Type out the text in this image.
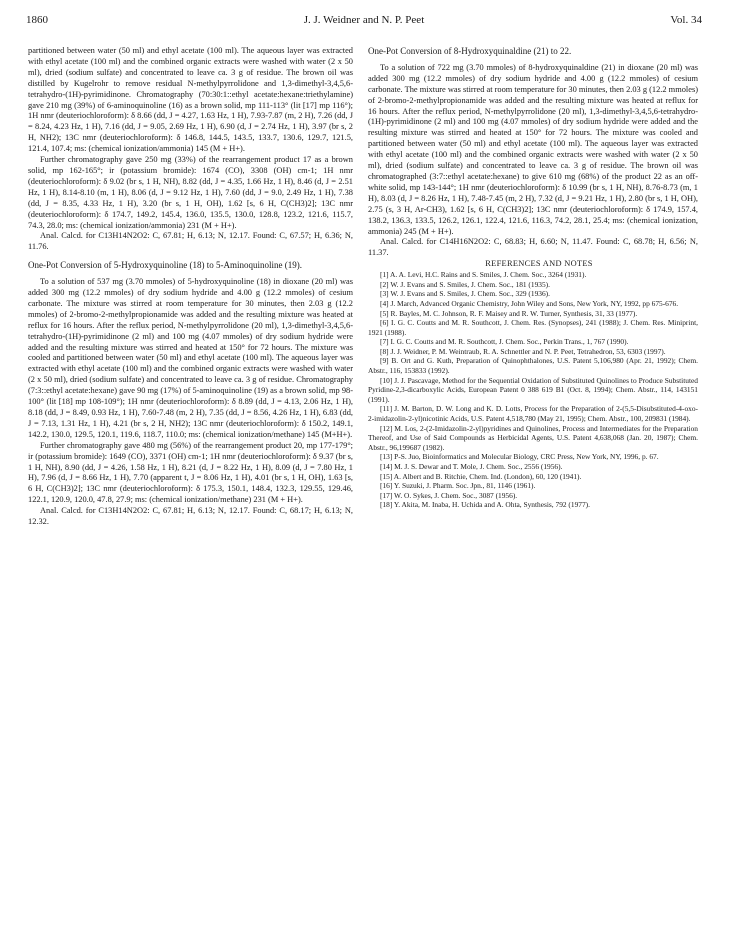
1860	J. J. Weidner and N. P. Peet	Vol. 34

partitioned between water (50 ml) and ethyl acetate (100 ml). The aqueous layer was extracted with ethyl acetate (100 ml) and the combined organic extracts were washed with water (2 x 50 ml), dried (sodium sulfate) and concentrated to leave ca. 3 g of residue. The brown oil was distilled by Kugelrohr to remove residual N-methylpyrrolidone and 1,3-dimethyl-3,4,5,6-tetrahydro-(1H)-pyrimidinone. Chromatography (70:30:1::ethyl acetate:hexane:triethylamine) gave 210 mg (39%) of 6-aminoquinoline (16) as a brown solid, mp 111-113° (lit [17] mp 116°); 1H nmr (deuteriochloroform): δ 8.66 (dd, J = 4.27, 1.63 Hz, 1 H), 7.93-7.87 (m, 2 H), 7.26 (dd, J = 8.24, 4.23 Hz, 1 H), 7.16 (dd, J = 9.05, 2.69 Hz, 1 H), 6.90 (d, J = 2.74 Hz, 1 H), 3.97 (br s, 2 H, NH2); 13C nmr (deuteriochloroform): δ 146.8, 144.5, 143.5, 133.7, 130.6, 129.7, 121.5, 121.4, 107.4; ms: (chemical ionization/ammonia) 145 (M + H+).

Further chromatography gave 250 mg (33%) of the rearrangement product 17 as a brown solid, mp 162-165°; ir (potassium bromide): 1674 (CO), 3308 (OH) cm-1; 1H nmr (deuteriochloroform): δ 9.02 (br s, 1 H, NH), 8.82 (dd, J = 4.35, 1.66 Hz, 1 H), 8.46 (d, J = 2.51 Hz, 1 H), 8.14-8.10 (m, 1 H), 8.06 (d, J = 9.12 Hz, 1 H), 7.60 (dd, J = 9.0, 2.49 Hz, 1 H), 7.38 (dd, J = 8.35, 4.33 Hz, 1 H), 3.20 (br s, 1 H, OH), 1.62 [s, 6 H, C(CH3)2]; 13C nmr (deuteriochloroform): δ 174.7, 149.2, 145.4, 136.0, 135.5, 130.0, 128.8, 123.2, 121.6, 115.7, 74.3, 28.0; ms: (chemical ionization/ammonia) 231 (M + H+).

Anal. Calcd. for C13H14N2O2: C, 67.81; H, 6.13; N, 12.17. Found: C, 67.57; H, 6.36; N, 11.76.

One-Pot Conversion of 5-Hydroxyquinoline (18) to 5-Aminoquinoline (19).

To a solution of 537 mg (3.70 mmoles) of 5-hydroxyquinoline (18) in dioxane (20 ml) was added 300 mg (12.2 mmoles) of dry sodium hydride and 4.00 g (12.2 mmoles) of cesium carbonate. The mixture was stirred at room temperature for 30 minutes, then 2.03 g (12.2 mmoles) of 2-bromo-2-methylpropionamide was added and the resulting mixture was heated at reflux for 16 hours. After the reflux period, N-methylpyrrolidone (20 ml), 1,3-dimethyl-3,4,5,6-tetrahydro-(1H)-pyrimidinone (2 ml) and 100 mg (4.07 mmoles) of dry sodium hydride were added and the resulting mixture was stirred and heated at 150° for 72 hours. The mixture was cooled and partitioned between water (50 ml) and ethyl acetate (100 ml). The aqueous layer was extracted with ethyl acetate (100 ml) and the combined organic extracts were washed with water (2 x 50 ml), dried (sodium sulfate) and concentrated to leave ca. 3 g of residue. Chromatography (7:3::ethyl acetate:hexane) gave 90 mg (17%) of 5-aminoquinoline (19) as a brown solid, mp 98-100° (lit [18] mp 108-109°); 1H nmr (deuteriochloroform): δ 8.89 (dd, J = 4.13, 2.06 Hz, 1 H), 8.18 (dd, J = 8.49, 0.93 Hz, 1 H), 7.60-7.48 (m, 2 H), 7.35 (dd, J = 8.56, 4.26 Hz, 1 H), 6.83 (dd, J = 7.13, 1.31 Hz, 1 H), 4.21 (br s, 2 H, NH2); 13C nmr (deuteriochloroform): δ 150.2, 149.1, 142.2, 130.0, 129.5, 120.1, 119.6, 118.7, 110.0; ms: (chemical ionization/methane) 145 (M+H+).

Further chromatography gave 480 mg (56%) of the rearrangement product 20, mp 177-179°; ir (potassium bromide): 1649 (CO), 3371 (OH) cm-1; 1H nmr (deuteriochloroform): δ 9.37 (br s, 1 H, NH), 8.90 (dd, J = 4.26, 1.58 Hz, 1 H), 8.21 (d, J = 8.22 Hz, 1 H), 8.09 (d, J = 7.80 Hz, 1 H), 7.96 (d, J = 8.66 Hz, 1 H), 7.70 (apparent t, J = 8.06 Hz, 1 H), 4.01 (br s, 1 H, OH), 1.63 [s, 6 H, C(CH3)2]; 13C nmr (deuteriochloroform): δ 175.3, 150.1, 148.4, 132.3, 129.55, 129.46, 122.1, 120.9, 120.0, 47.8, 27.9; ms: (chemical ionization/methane) 231 (M + H+).

Anal. Calcd. for C13H14N2O2: C, 67.81; H, 6.13; N, 12.17. Found: C, 68.17; H, 6.13; N, 12.32.

One-Pot Conversion of 8-Hydroxyquinaldine (21) to 22.

To a solution of 722 mg (3.70 mmoles) of 8-hydroxyquinaldine (21) in dioxane (20 ml) was added 300 mg (12.2 mmoles) of dry sodium hydride and 4.00 g (12.2 mmoles) of cesium carbonate. The mixture was stirred at room temperature for 30 minutes, then 2.03 g (12.2 mmoles) of 2-bromo-2-methylpropionamide was added and the resulting mixture was heated at reflux for 16 hours. After the reflux period, N-methylpyrrolidone (20 ml), 1,3-dimethyl-3,4,5,6-tetrahydro-(1H)-pyrimidinone (2 ml) and 100 mg (4.07 mmoles) of dry sodium hydride were added and the resulting mixture was stirred and heated at 150° for 72 hours. The mixture was cooled and partitioned between water (50 ml) and ethyl acetate (100 ml). The aqueous layer was extracted with ethyl acetate (100 ml) and the combined organic extracts were washed with water (2 x 50 ml), dried (sodium sulfate) and concentrated to leave ca. 3 g of residue. The brown oil was chromatographed (3:7::ethyl acetate:hexane) to give 610 mg (68%) of the product 22 as an off-white solid, mp 143-144°; 1H nmr (deuteriochloroform): δ 10.99 (br s, 1 H, NH), 8.76-8.73 (m, 1 H), 8.03 (d, J = 8.26 Hz, 1 H), 7.48-7.45 (m, 2 H), 7.32 (d, J = 9.21 Hz, 1 H), 2.80 (br s, 1 H, OH), 2.75 (s, 3 H, Ar-CH3), 1.62 [s, 6 H, C(CH3)2]; 13C nmr (deuteriochloroform): δ 174.9, 157.4, 138.2, 136.3, 133.5, 126.2, 126.1, 122.4, 121.6, 116.3, 74.2, 28.1, 25.4; ms: (chemical ionization, ammonia) 245 (M + H+).

Anal. Calcd. for C14H16N2O2: C, 68.83; H, 6.60; N, 11.47. Found: C, 68.78; H, 6.56; N, 11.37.

REFERENCES AND NOTES

[1] A. A. Levi, H.C. Rains and S. Smiles, J. Chem. Soc., 3264 (1931).

[2] W. J. Evans and S. Smiles, J. Chem. Soc., 181 (1935).

[3] W. J. Evans and S. Smiles, J. Chem. Soc., 329 (1936).

[4] J. March, Advanced Organic Chemistry, John Wiley and Sons, New York, NY, 1992, pp 675-676.

[5] R. Bayles, M. C. Johnson, R. F. Maisey and R. W. Turner, Synthesis, 31, 33 (1977).

[6] I. G. C. Coutts and M. R. Southcott, J. Chem. Res. (Synopses), 241 (1988); J. Chem. Res. Miniprint, 1921 (1988).

[7] I. G. C. Coutts and M. R. Southcott, J. Chem. Soc., Perkin Trans., 1, 767 (1990).

[8] J. J. Weidner, P. M. Weintraub, R. A. Schnettler and N. P. Peet, Tetrahedron, 53, 6303 (1997).

[9] B. Ort and G. Kuth, Preparation of Quinophthalones, U.S. Patent 5,106,980 (Apr. 21, 1992); Chem. Abstr., 116, 153833 (1992).

[10] J. J. Pascavage, Method for the Sequential Oxidation of Substituted Quinolines to Produce Substituted Pyridine-2,3-dicarboxylic Acids, European Patent 0 388 619 B1 (Oct. 8, 1994); Chem. Abstr., 114, 143151 (1991).

[11] J. M. Barton, D. W. Long and K. D. Lotts, Process for the Preparation of 2-(5,5-Disubstituted-4-oxo-2-imidazolin-2-yl)nicotinic Acids, U.S. Patent 4,518,780 (May 21, 1995); Chem. Abstr., 100, 209831 (1984).

[12] M. Los, 2-(2-Imidazolin-2-yl)pyridines and Quinolines, Process and Intermediates for the Preparation Thereof, and Use of Said Compounds as Herbicidal Agents, U.S. Patent 4,638,068 (Jan. 20, 1987); Chem. Abstr., 96,199687 (1982).

[13] P-S. Juo, Bioinformatics and Molecular Biology, CRC Press, New York, NY, 1996, p. 67.

[14] M. J. S. Dewar and T. Mole, J. Chem. Soc., 2556 (1956).

[15] A. Albert and B. Ritchie, Chem. Ind. (London), 60, 120 (1941).

[16] Y. Suzuki, J. Pharm. Soc. Jpn., 81, 1146 (1961).

[17] W. O. Sykes, J. Chem. Soc., 3087 (1956).

[18] Y. Akita, M. Inaba, H. Uchida and A. Ohta, Synthesis, 792 (1977).
